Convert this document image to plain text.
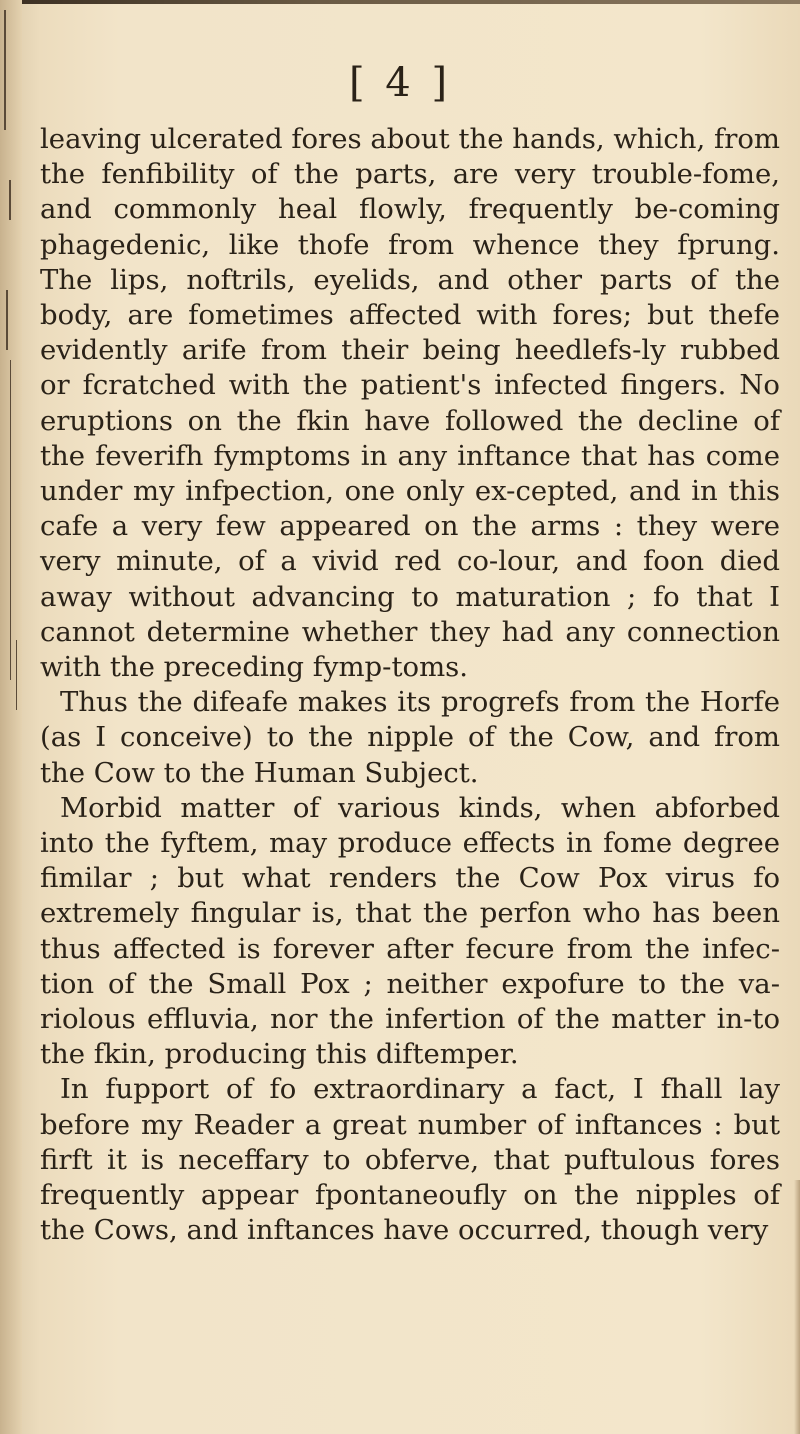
[ 4 ]

leaving ulcerated fores about the hands, which, from the fenfibility of the parts, are very trouble-fome, and commonly heal flowly, frequently be-coming phagedenic, like thofe from whence they fprung. The lips, noftrils, eyelids, and other parts of the body, are fometimes affected with fores; but thefe evidently arife from their being heedlefs-ly rubbed or fcratched with the patient's infected fingers. No eruptions on the fkin have followed the decline of the feverifh fymptoms in any inftance that has come under my infpection, one only ex-cepted, and in this cafe a very few appeared on the arms : they were very minute, of a vivid red co-lour, and foon died away without advancing to maturation ; fo that I cannot determine whether they had any connection with the preceding fymp-toms.

Thus the difeafe makes its progrefs from the Horfe (as I conceive) to the nipple of the Cow, and from the Cow to the Human Subject.

Morbid matter of various kinds, when abforbed into the fyftem, may produce effects in fome degree fimilar ; but what renders the Cow Pox virus fo extremely fingular is, that the perfon who has been thus affected is forever after fecure from the infec-tion of the Small Pox ; neither expofure to the va-riolous effluvia, nor the infertion of the matter in-to the fkin, producing this diftemper.

In fupport of fo extraordinary a fact, I fhall lay before my Reader a great number of inftances : but firft it is neceffary to obferve, that puftulous fores frequently appear fpontaneoufly on the nipples of the Cows, and inftances have occurred, though very
